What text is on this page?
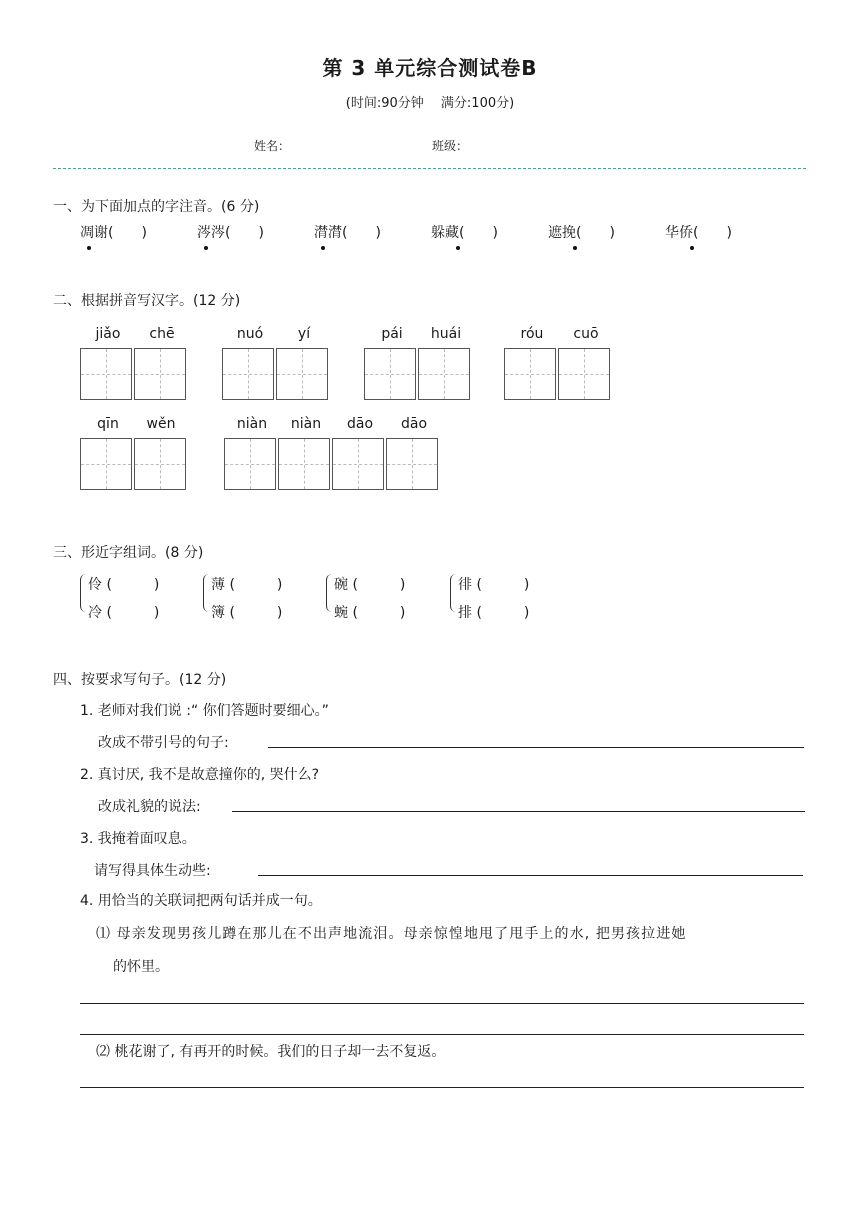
第 3 单元综合测试卷B
(时间:90分钟　 满分:100分)
姓名：	班级：
一、为下面加点的字注音。(6 分)
凋谢(　　)	涔涔(　　)	潸潸(　　)	躲藏(　　)	遮挽(　　)	华侨(　　)
二、根据拼音写汉字。(12 分)
jiǎo	chē	nuó	yí	pái	huái	róu	cuō
qīn	wěn	niàn	niàn	dāo	dāo
三、形近字组词。(8 分)
伶 (　　　)
冷 (　　　)
薄 (　　　)
簿 (　　　)
碗 (　　　)
蜿 (　　　)
徘 (　　　)
排 (　　　)
四、按要求写句子。(12 分)
1. 老师对我们说 :“ 你们答题时要细心。”
改成不带引号的句子:
2. 真讨厌, 我不是故意撞你的, 哭什么?
改成礼貌的说法:
3. 我掩着面叹息。
请写得具体生动些:
4. 用恰当的关联词把两句话并成一句。
⑴ 母亲发现男孩儿蹲在那儿在不出声地流泪。母亲惊惶地甩了甩手上的水, 把男孩拉进她
的怀里。
⑵ 桃花谢了, 有再开的时候。我们的日子却一去不复返。
